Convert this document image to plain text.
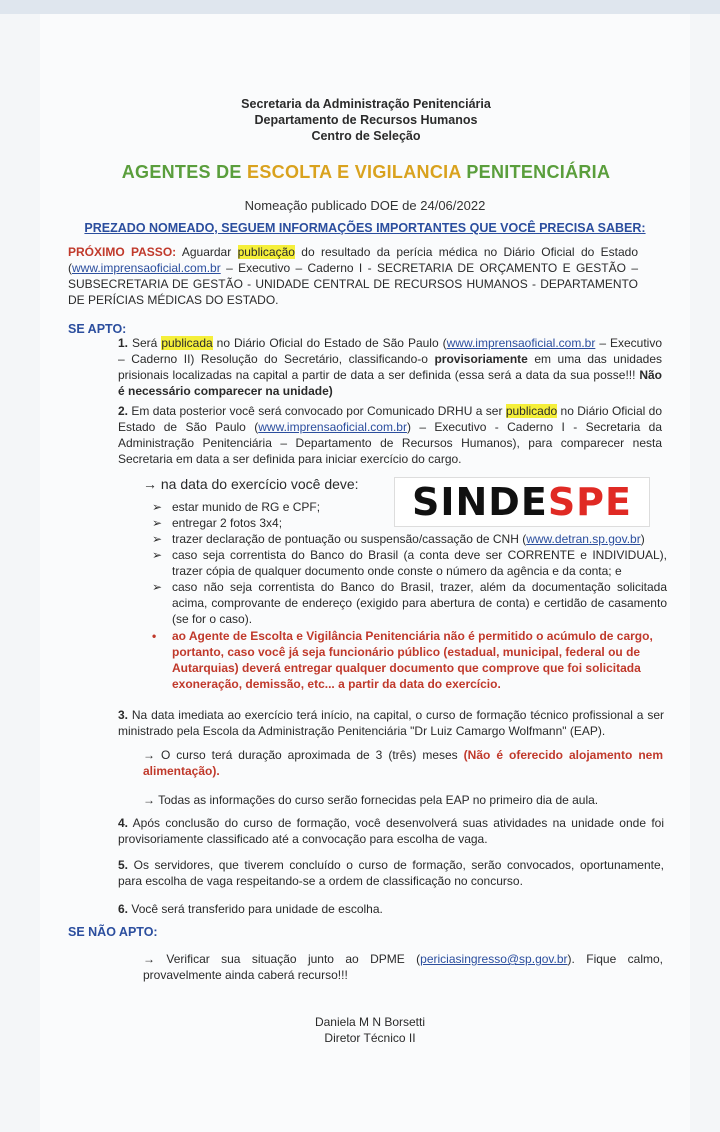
Secretaria da Administração Penitenciária
Departamento de Recursos Humanos
Centro de Seleção
AGENTES DE ESCOLTA E VIGILANCIA PENITENCIÁRIA
Nomeação publicado DOE de 24/06/2022
PREZADO NOMEADO, SEGUEM INFORMAÇÕES IMPORTANTES QUE VOCÊ PRECISA SABER:
PRÓXIMO PASSO: Aguardar publicação do resultado da perícia médica no Diário Oficial do Estado (www.imprensaoficial.com.br – Executivo – Caderno I - SECRETARIA DE ORÇAMENTO E GESTÃO – SUBSECRETARIA DE GESTÃO - UNIDADE CENTRAL DE RECURSOS HUMANOS - DEPARTAMENTO DE PERÍCIAS MÉDICAS DO ESTADO.
SE APTO:
1. Será publicada no Diário Oficial do Estado de São Paulo (www.imprensaoficial.com.br – Executivo – Caderno II) Resolução do Secretário, classificando-o provisoriamente em uma das unidades prisionais localizadas na capital a partir de data a ser definida (essa será a data da sua posse!!! Não é necessário comparecer na unidade)
2. Em data posterior você será convocado por Comunicado DRHU a ser publicado no Diário Oficial do Estado de São Paulo (www.imprensaoficial.com.br) – Executivo - Caderno I - Secretaria da Administração Penitenciária – Departamento de Recursos Humanos), para comparecer nesta Secretaria em data a ser definida para iniciar exercício do cargo.
→ na data do exercício você deve: SINDE SPE
➢ estar munido de RG e CPF;
➢ entregar 2 fotos 3x4;
➢ trazer declaração de pontuação ou suspensão/cassação de CNH (www.detran.sp.gov.br)
➢ caso seja correntista do Banco do Brasil (a conta deve ser CORRENTE e INDIVIDUAL), trazer cópia de qualquer documento onde conste o número da agência e da conta; e
➢ caso não seja correntista do Banco do Brasil, trazer, além da documentação solicitada acima, comprovante de endereço (exigido para abertura de conta) e certidão de casamento (se for o caso).
• ao Agente de Escolta e Vigilância Penitenciária não é permitido o acúmulo de cargo, portanto, caso você já seja funcionário público (estadual, municipal, federal ou de Autarquias) deverá entregar qualquer documento que comprove que foi solicitada exoneração, demissão, etc... a partir da data do exercício.
3. Na data imediata ao exercício terá início, na capital, o curso de formação técnico profissional a ser ministrado pela Escola da Administração Penitenciária "Dr Luiz Camargo Wolfmann" (EAP).
→ O curso terá duração aproximada de 3 (três) meses (Não é oferecido alojamento nem alimentação).
→ Todas as informações do curso serão fornecidas pela EAP no primeiro dia de aula.
4. Após conclusão do curso de formação, você desenvolverá suas atividades na unidade onde foi provisoriamente classificado até a convocação para escolha de vaga.
5. Os servidores, que tiverem concluído o curso de formação, serão convocados, oportunamente, para escolha de vaga respeitando-se a ordem de classificação no concurso.
6. Você será transferido para unidade de escolha.
SE NÃO APTO:
→ Verificar sua situação junto ao DPME (periciasingresso@sp.gov.br). Fique calmo, provavelmente ainda caberá recurso!!!
Daniela M N Borsetti
Diretor Técnico II
